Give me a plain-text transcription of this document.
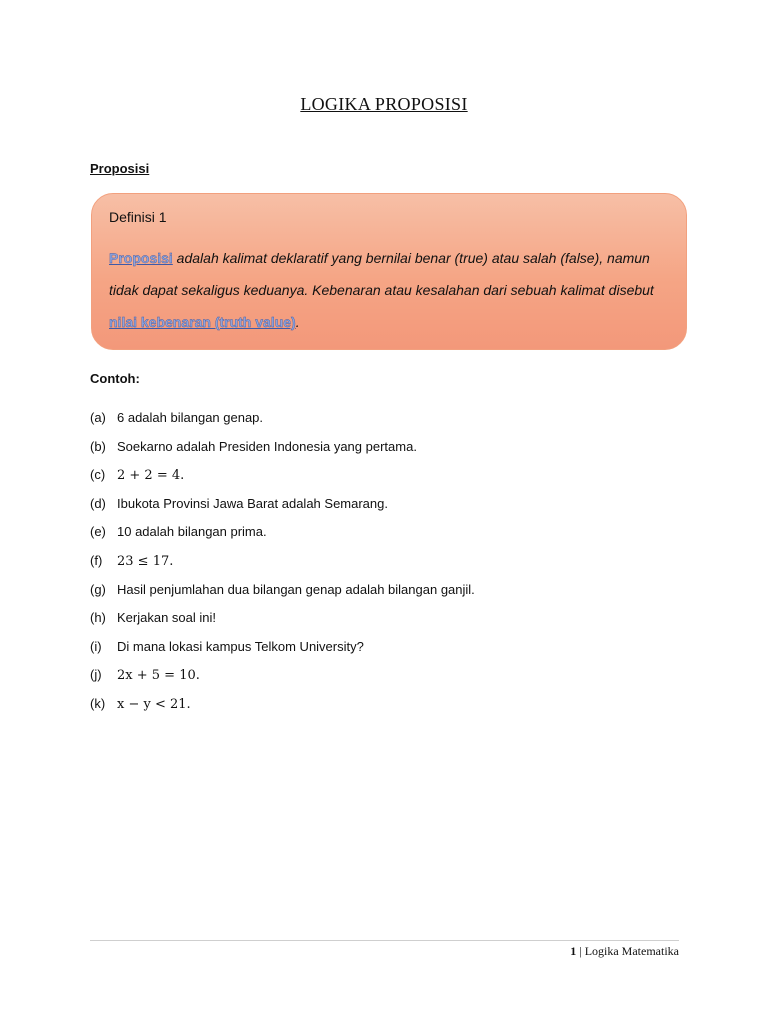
LOGIKA PROPOSISI
Proposisi
Definisi 1
Proposisi adalah kalimat deklaratif yang bernilai benar (true) atau salah (false), namun tidak dapat sekaligus keduanya. Kebenaran atau kesalahan dari sebuah kalimat disebut nilai kebenaran (truth value).
Contoh:
(a) 6 adalah bilangan genap.
(b) Soekarno adalah Presiden Indonesia yang pertama.
(c) 2 + 2 = 4.
(d) Ibukota Provinsi Jawa Barat adalah Semarang.
(e) 10 adalah bilangan prima.
(f) 23 ≤ 17.
(g) Hasil penjumlahan dua bilangan genap adalah bilangan ganjil.
(h) Kerjakan soal ini!
(i) Di mana lokasi kampus Telkom University?
(j) 2x + 5 = 10.
(k) x − y < 21.
1 | Logika Matematika
